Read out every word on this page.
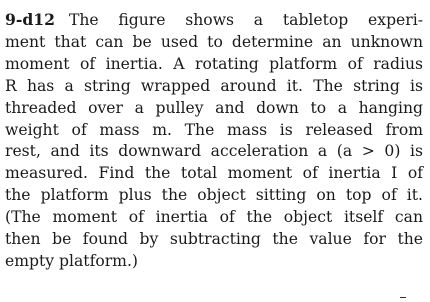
9-d12 The figure shows a tabletop experi-
ment that can be used to determine an unknown
moment of inertia. A rotating platform of radius
R has a string wrapped around it. The string is
threaded over a pulley and down to a hanging
weight of mass m. The mass is released from
rest, and its downward acceleration a (a > 0) is
measured. Find the total moment of inertia I of
the platform plus the object sitting on top of it.
(The moment of inertia of the object itself can
then be found by subtracting the value for the
empty platform.)
